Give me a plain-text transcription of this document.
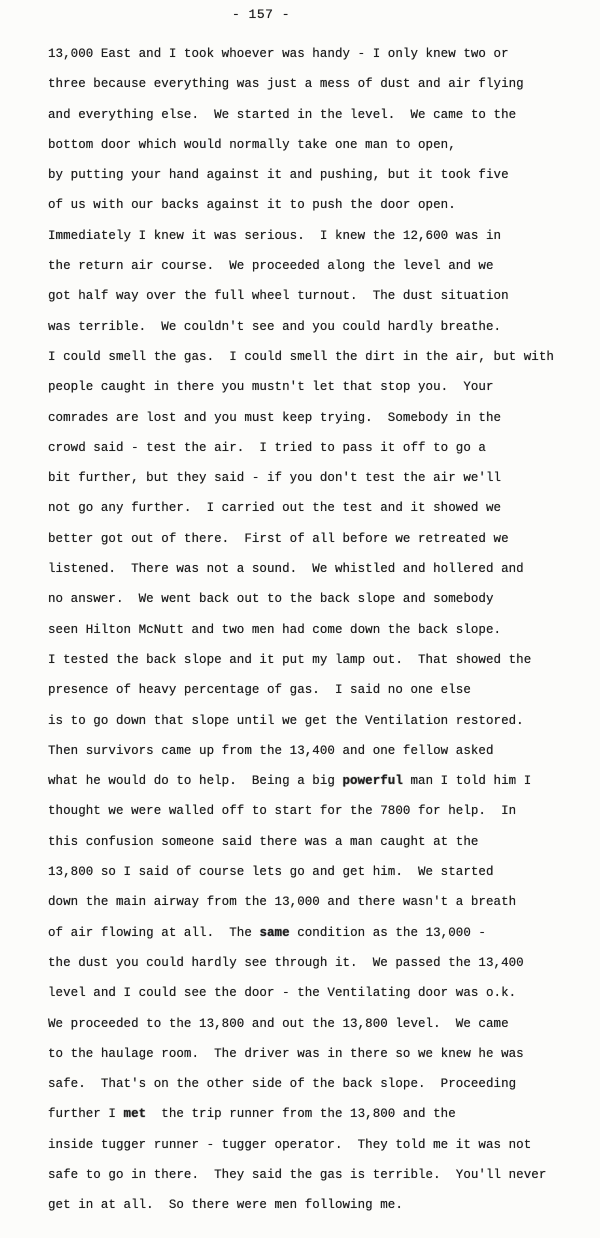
- 157 -
13,000 East and I took whoever was handy - I only knew two or
three because everything was just a mess of dust and air flying
and everything else.  We started in the level.  We came to the
bottom door which would normally take one man to open,
by putting your hand against it and pushing, but it took five
of us with our backs against it to push the door open.
Immediately I knew it was serious.  I knew the 12,600 was in
the return air course.  We proceeded along the level and we
got half way over the full wheel turnout.  The dust situation
was terrible.  We couldn't see and you could hardly breathe.
I could smell the gas.  I could smell the dirt in the air, but with
people caught in there you mustn't let that stop you.  Your
comrades are lost and you must keep trying.  Somebody in the
crowd said - test the air.  I tried to pass it off to go a
bit further, but they said - if you don't test the air we'll
not go any further.  I carried out the test and it showed we
better got out of there.  First of all before we retreated we
listened.  There was not a sound.  We whistled and hollered and
no answer.  We went back out to the back slope and somebody
seen Hilton McNutt and two men had come down the back slope.
I tested the back slope and it put my lamp out.  That showed the
presence of heavy percentage of gas.  I said no one else
is to go down that slope until we get the Ventilation restored.
Then survivors came up from the 13,400 and one fellow asked
what he would do to help.  Being a big powerful man I told him I
thought we were walled off to start for the 7800 for help.  In
this confusion someone said there was a man caught at the
13,800 so I said of course lets go and get him.  We started
down the main airway from the 13,000 and there wasn't a breath
of air flowing at all.  The same condition as the 13,000 -
the dust you could hardly see through it.  We passed the 13,400
level and I could see the door - the Ventilating door was o.k.
We proceeded to the 13,800 and out the 13,800 level.  We came
to the haulage room.  The driver was in there so we knew he was
safe.  That's on the other side of the back slope.  Proceeding
further I met  the trip runner from the 13,800 and the
inside tugger runner - tugger operator.  They told me it was not
safe to go in there.  They said the gas is terrible.  You'll never
get in at all.  So there were men following me.
